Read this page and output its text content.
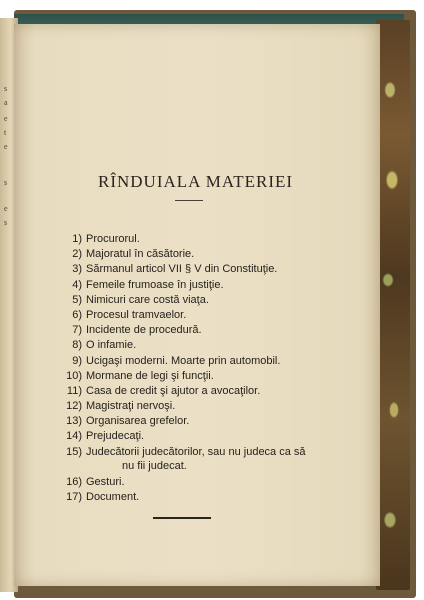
s
a
e
t
e
s
e
s
RÎNDUIALA MATERIEI
1) Procurorul.
2) Majoratul în căsătorie.
3) Sărmanul articol VII § V din Constituţie.
4) Femeile frumoase în justiţie.
5) Nimicuri care costă viaţa.
6) Procesul tramvaelor.
7) Incidente de procedură.
8) O infamie.
9) Ucigaşi moderni. Moarte prin automobil.
10) Mormane de legi şi funcţii.
11) Casa de credit şi ajutor a avocaţilor.
12) Magistraţi nervoşi.
13) Organisarea grefelor.
14) Prejudecaţi.
15) Judecătorii judecătorilor, sau nu judeca ca să
nu fii judecat.
16) Gesturi.
17) Document.
